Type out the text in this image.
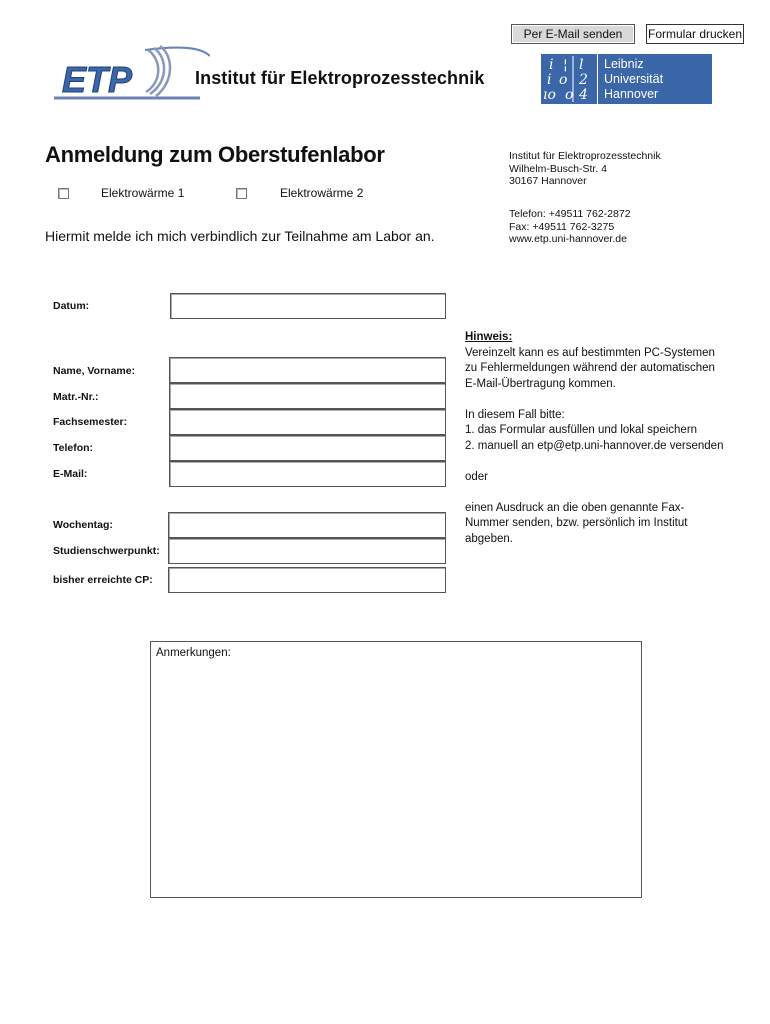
Per E-Mail senden	Formular drucken
ETP	Institut für Elektroprozesstechnik
i ¦ l
i o 2
ıo o 4
Leibniz
Universität
Hannover
Anmeldung zum Oberstufenlabor
Elektrowärme 1	Elektrowärme 2
Hiermit melde ich mich verbindlich zur Teilnahme am Labor an.
Institut für Elektroprozesstechnik
Wilhelm-Busch-Str. 4
30167 Hannover
Telefon: +49511 762-2872
Fax: +49511 762-3275
www.etp.uni-hannover.de
Datum:
Name, Vorname:
Matr.-Nr.:
Fachsemester:
Telefon:
E-Mail:
Wochentag:
Studienschwerpunkt:
bisher erreichte CP:
Hinweis:
Vereinzelt kann es auf bestimmten PC-Systemen
zu Fehlermeldungen während der automatischen
E-Mail-Übertragung kommen.
In diesem Fall bitte:
1. das Formular ausfüllen und lokal speichern
2. manuell an etp@etp.uni-hannover.de versenden
oder
einen Ausdruck an die oben genannte Fax-
Nummer senden, bzw. persönlich im Institut
abgeben.
Anmerkungen:
